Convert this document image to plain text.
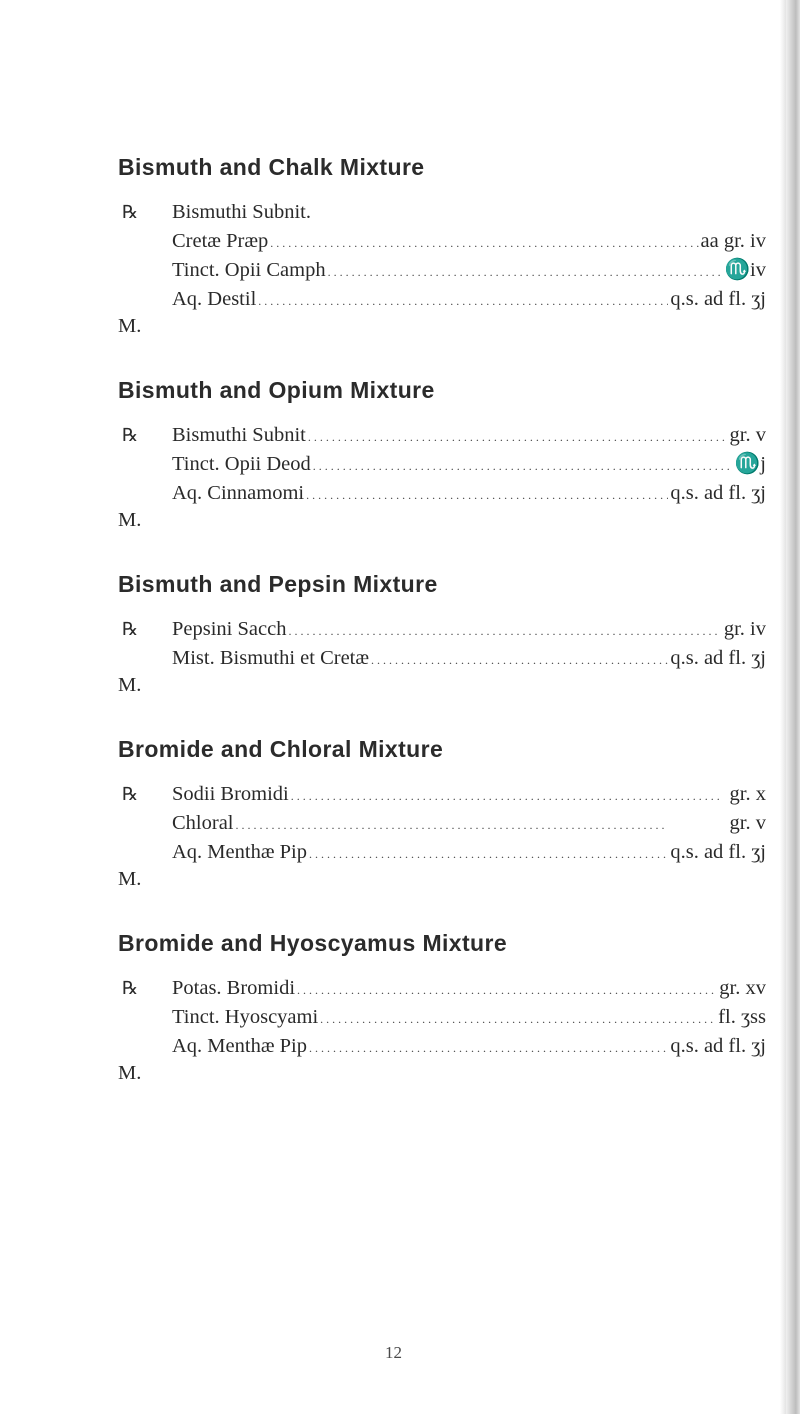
Bismuth and Chalk Mixture
℞	Bismuthi Subnit.
Cretæ Præp . . .	aa gr. iv
Tinct. Opii Camph . . .	♏iv
Aq. Destil . . .	q.s. ad fl. ʒj
M.
Bismuth and Opium Mixture
℞	Bismuthi Subnit . . .	gr. v
Tinct. Opii Deod . . .	♏j
Aq. Cinnamomi . . .	q.s. ad fl. ʒj
M.
Bismuth and Pepsin Mixture
℞	Pepsini Sacch . . .	gr. iv
Mist. Bismuthi et Cretæ . . .	q.s. ad fl. ʒj
M.
Bromide and Chloral Mixture
℞	Sodii Bromidi . . .	gr. x
Chloral . . .	gr. v
Aq. Menthæ Pip . . .	q.s. ad fl. ʒj
M.
Bromide and Hyoscyamus Mixture
℞	Potas. Bromidi . . .	gr. xv
Tinct. Hyoscyami . . .	fl. ʒss
Aq. Menthæ Pip . . .	q.s. ad fl. ʒj
M.
12
